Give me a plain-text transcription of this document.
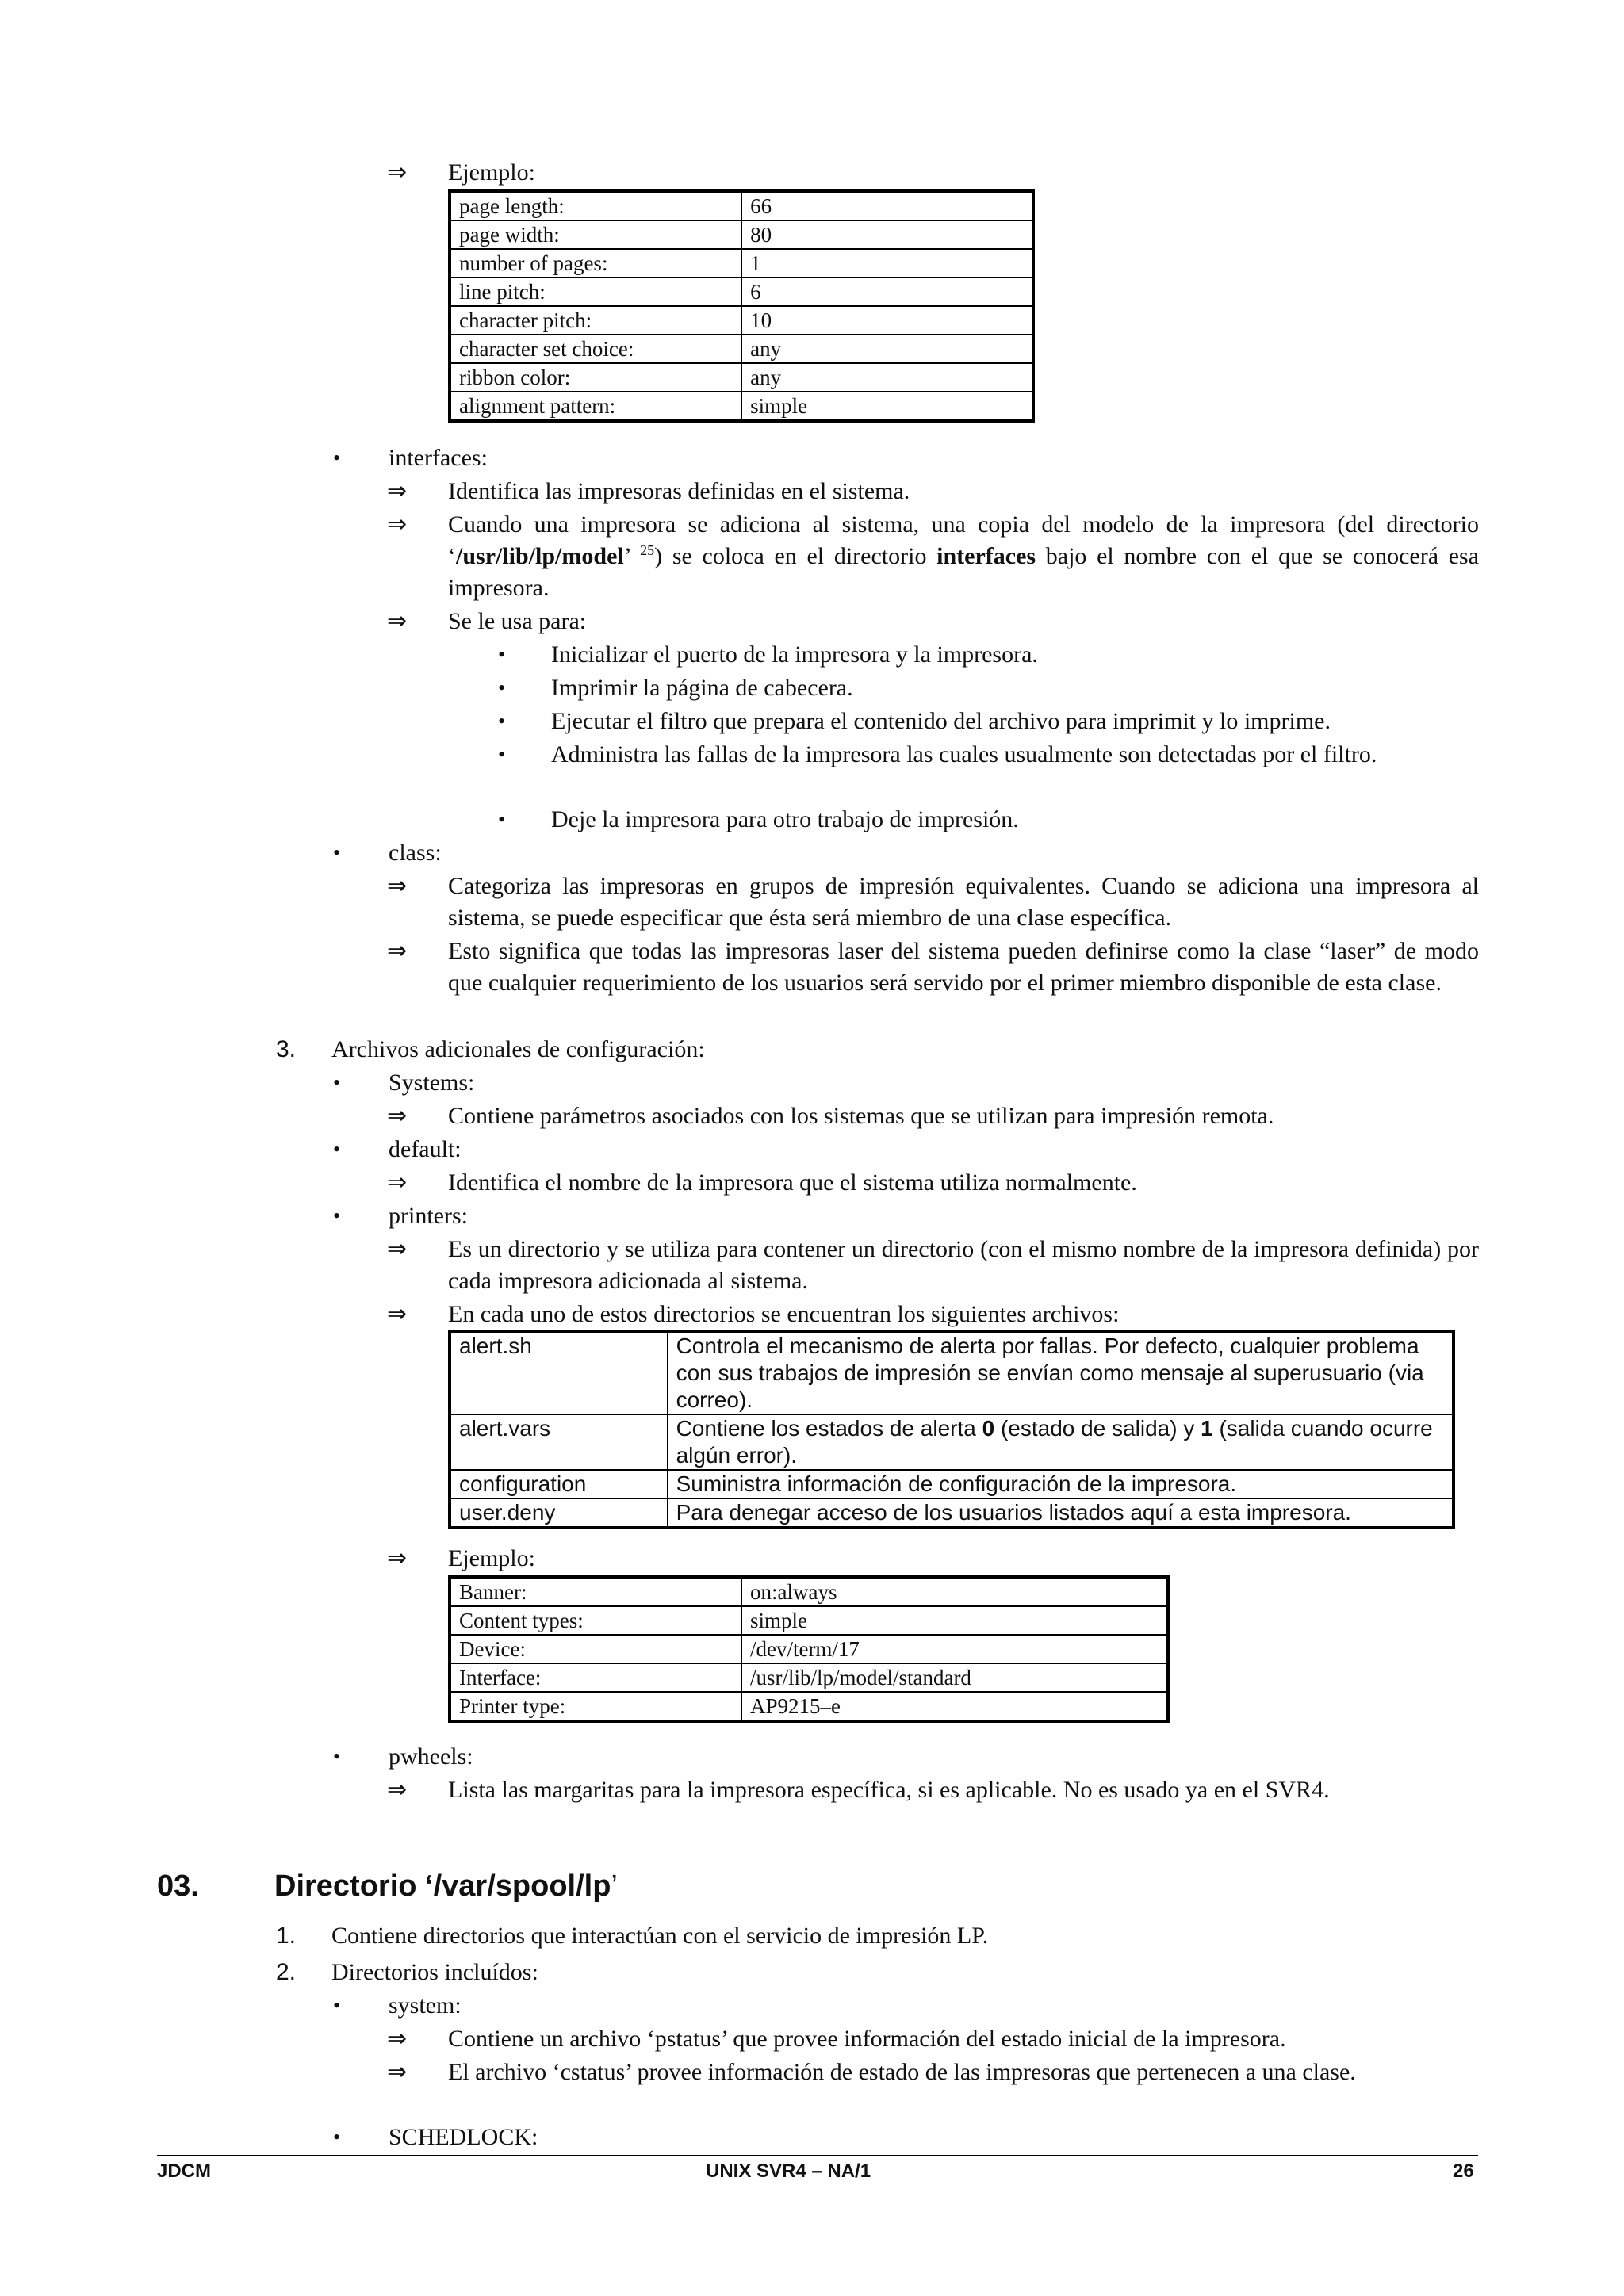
⇒ Ejemplo:
page length:	66
page width:	80
number of pages:	1
line pitch:	6
character pitch:	10
character set choice:	any
ribbon color:	any
alignment pattern:	simple
• interfaces:
⇒ Identifica las impresoras definidas en el sistema.
⇒ Cuando una impresora se adiciona al sistema, una copia del modelo de la impresora (del directorio ‘/usr/lib/lp/model’ $^{25}$) se coloca en el directorio interfaces bajo el nombre con el que se conocerá esa impresora.
⇒ Se le usa para:
• Inicializar el puerto de la impresora y la impresora.
• Imprimir la página de cabecera.
• Ejecutar el filtro que prepara el contenido del archivo para imprimit y lo imprime.
• Administra las fallas de la impresora las cuales usualmente son detectadas por el filtro.
• Deje la impresora para otro trabajo de impresión.
• class:
⇒ Categoriza las impresoras en grupos de impresión equivalentes. Cuando se adiciona una impresora al sistema, se puede especificar que ésta será miembro de una clase específica.
⇒ Esto significa que todas las impresoras laser del sistema pueden definirse como la clase “laser” de modo que cualquier requerimiento de los usuarios será servido por el primer miembro disponible de esta clase.
3. Archivos adicionales de configuración:
• Systems:
⇒ Contiene parámetros asociados con los sistemas que se utilizan para impresión remota.
• default:
⇒ Identifica el nombre de la impresora que el sistema utiliza normalmente.
• printers:
⇒ Es un directorio y se utiliza para contener un directorio (con el mismo nombre de la impresora definida) por cada impresora adicionada al sistema.
⇒ En cada uno de estos directorios se encuentran los siguientes archivos:
alert.sh	Controla el mecanismo de alerta por fallas. Por defecto, cualquier problema con sus trabajos de impresión se envían como mensaje al superusuario (via correo).
alert.vars	Contiene los estados de alerta 0 (estado de salida) y 1 (salida cuando ocurre algún error).
configuration	Suministra información de configuración de la impresora.
user.deny	Para denegar acceso de los usuarios listados aquí a esta impresora.
⇒ Ejemplo:
Banner:	on:always
Content types:	simple
Device:	/dev/term/17
Interface:	/usr/lib/lp/model/standard
Printer type:	AP9215–e
• pwheels:
⇒ Lista las margaritas para la impresora específica, si es aplicable. No es usado ya en el SVR4.
03.	Directorio ‘/var/spool/lp’
1. Contiene directorios que interactúan con el servicio de impresión LP.
2. Directorios incluídos:
• system:
⇒ Contiene un archivo ‘pstatus’ que provee información del estado inicial de la impresora.
⇒ El archivo ‘cstatus’ provee información de estado de las impresoras que pertenecen a una clase.
• SCHEDLOCK:
JDCM	UNIX SVR4 – NA/1	26
